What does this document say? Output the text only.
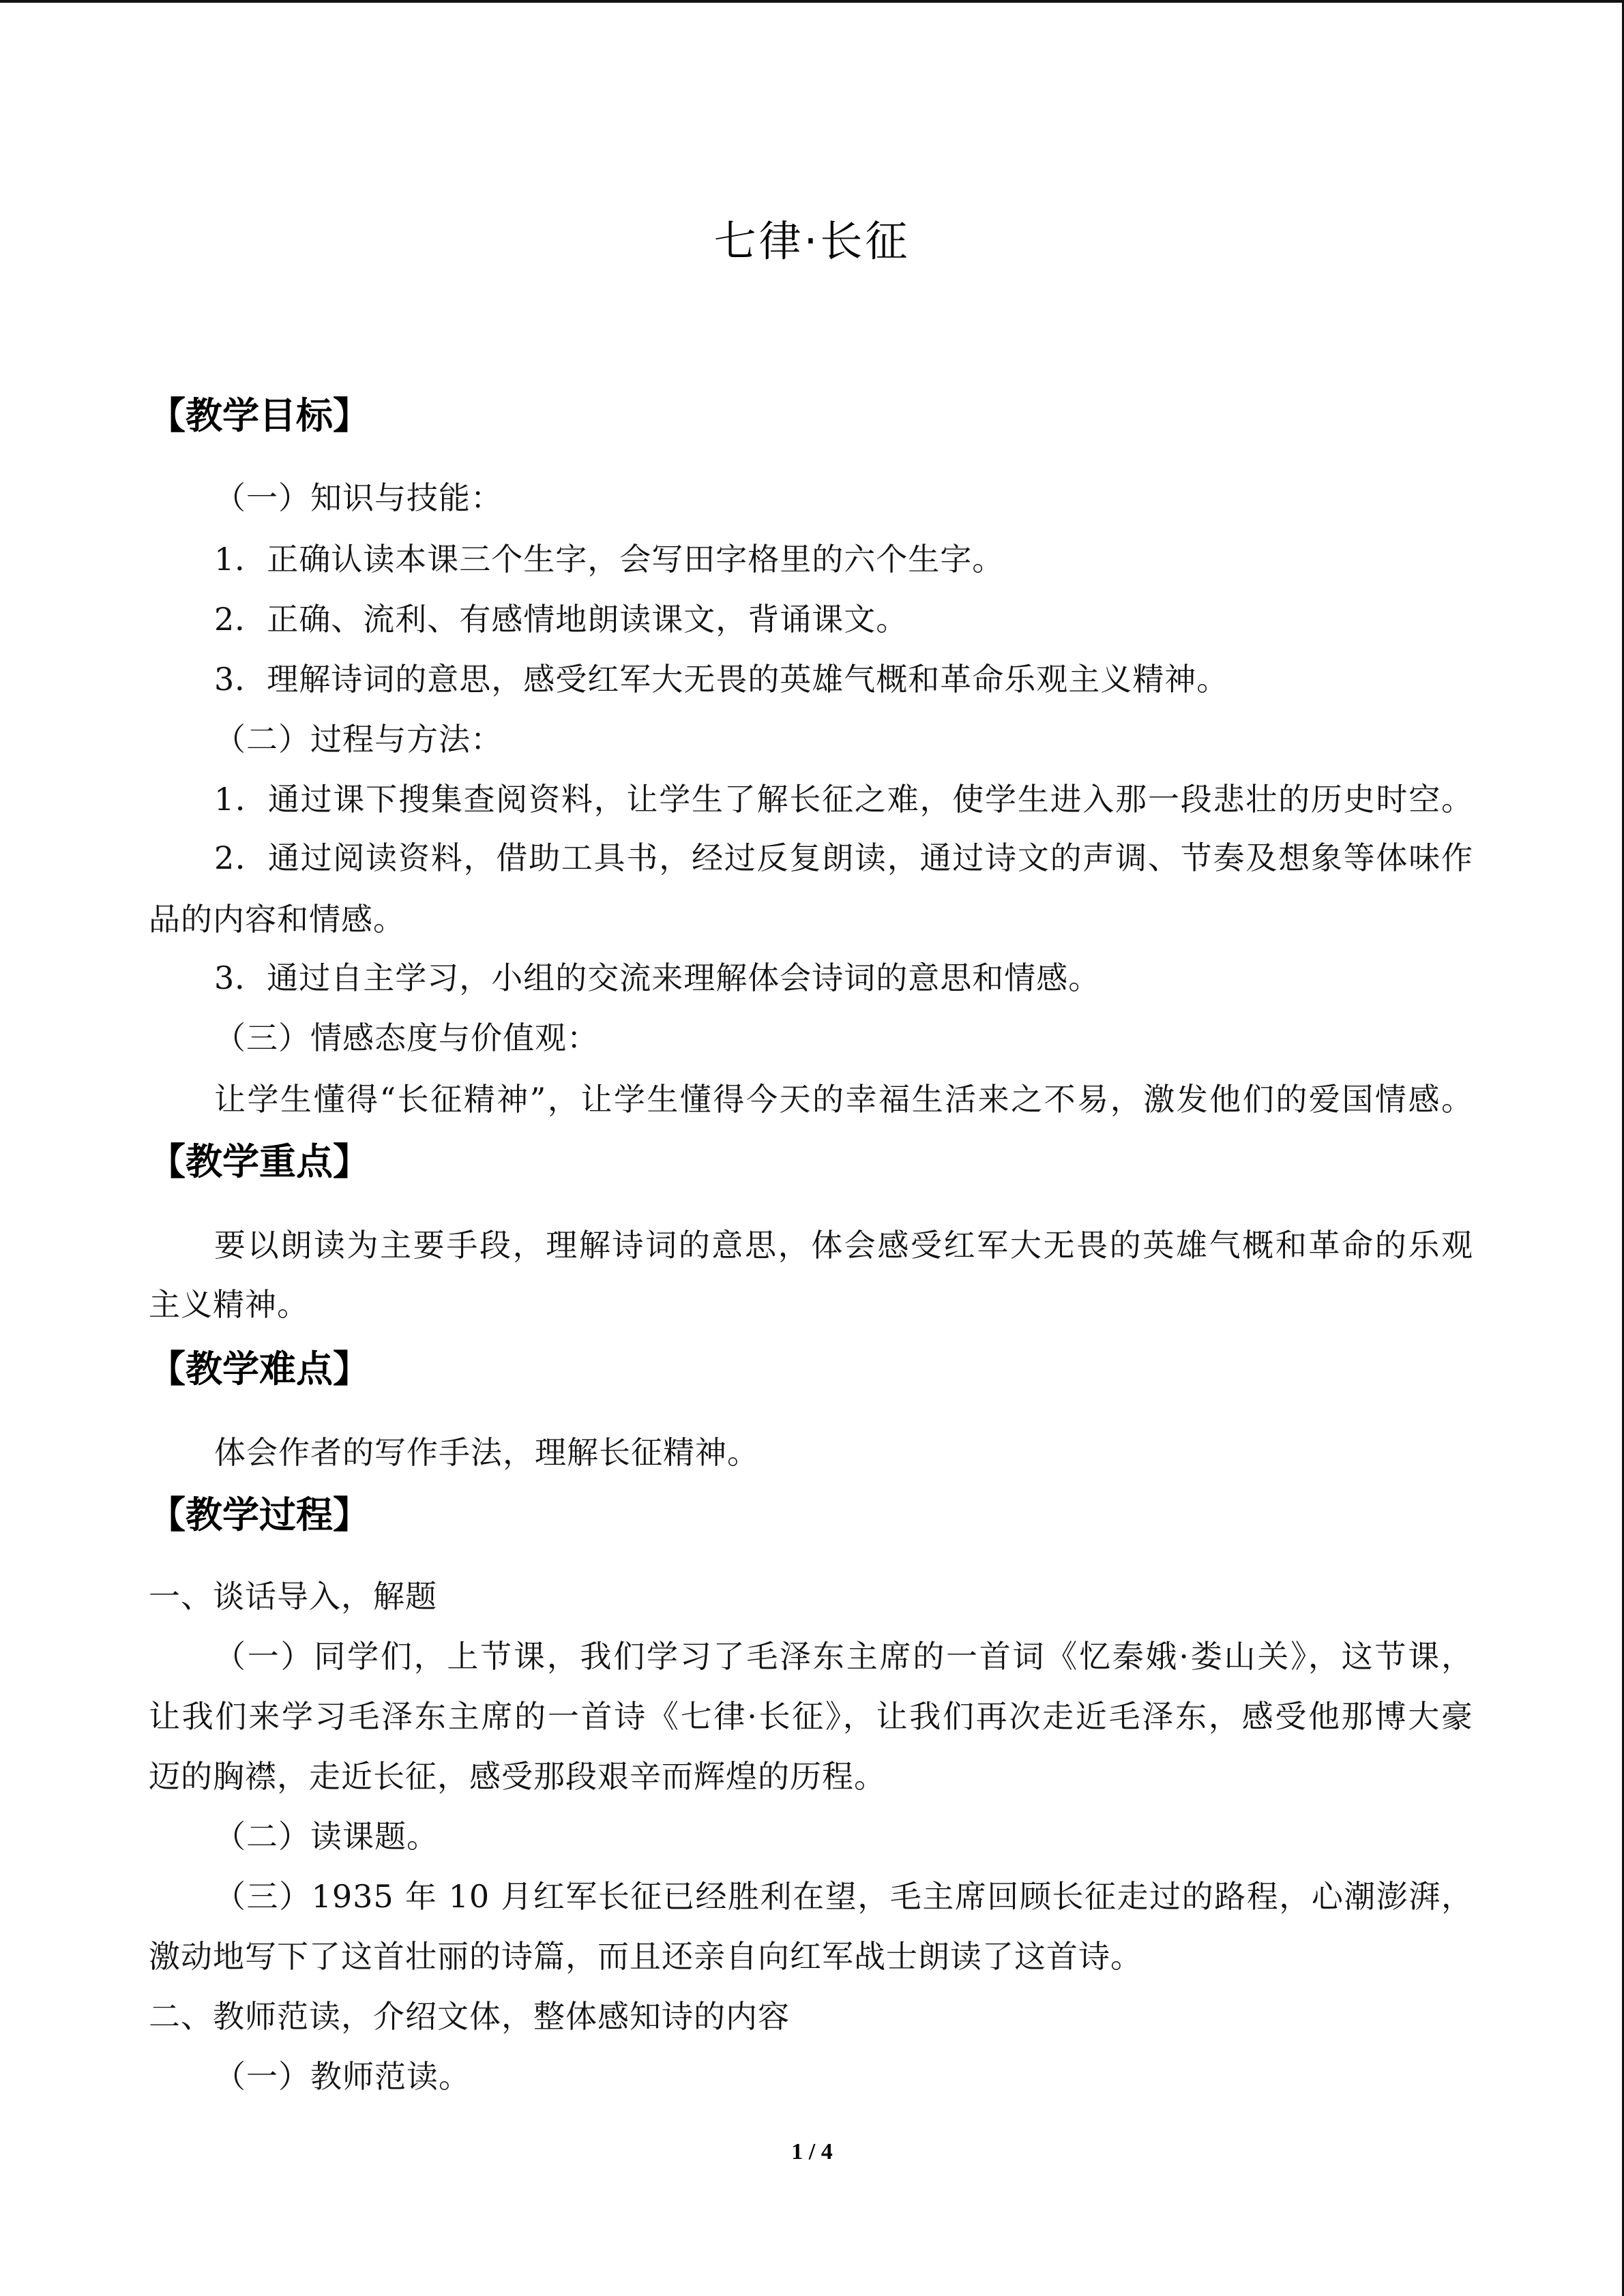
七律·长征
【教学目标】
（一）知识与技能：
1．正确认读本课三个生字，会写田字格里的六个生字。
2．正确、流利、有感情地朗读课文，背诵课文。
3．理解诗词的意思，感受红军大无畏的英雄气概和革命乐观主义精神。
（二）过程与方法：
1．通过课下搜集查阅资料，让学生了解长征之难，使学生进入那一段悲壮的历史时空。
2．通过阅读资料，借助工具书，经过反复朗读，通过诗文的声调、节奏及想象等体味作
品的内容和情感。
3．通过自主学习，小组的交流来理解体会诗词的意思和情感。
（三）情感态度与价值观：
让学生懂得“长征精神”，让学生懂得今天的幸福生活来之不易，激发他们的爱国情感。
【教学重点】
要以朗读为主要手段，理解诗词的意思，体会感受红军大无畏的英雄气概和革命的乐观
主义精神。
【教学难点】
体会作者的写作手法，理解长征精神。
【教学过程】
一、谈话导入，解题
（一）同学们，上节课，我们学习了毛泽东主席的一首词《忆秦娥·娄山关》，这节课，
让我们来学习毛泽东主席的一首诗《七律·长征》，让我们再次走近毛泽东，感受他那博大豪
迈的胸襟，走近长征，感受那段艰辛而辉煌的历程。
（二）读课题。
（三）1935 年 10 月红军长征已经胜利在望，毛主席回顾长征走过的路程，心潮澎湃，
激动地写下了这首壮丽的诗篇，而且还亲自向红军战士朗读了这首诗。
二、教师范读，介绍文体，整体感知诗的内容
（一）教师范读。
1 / 4
